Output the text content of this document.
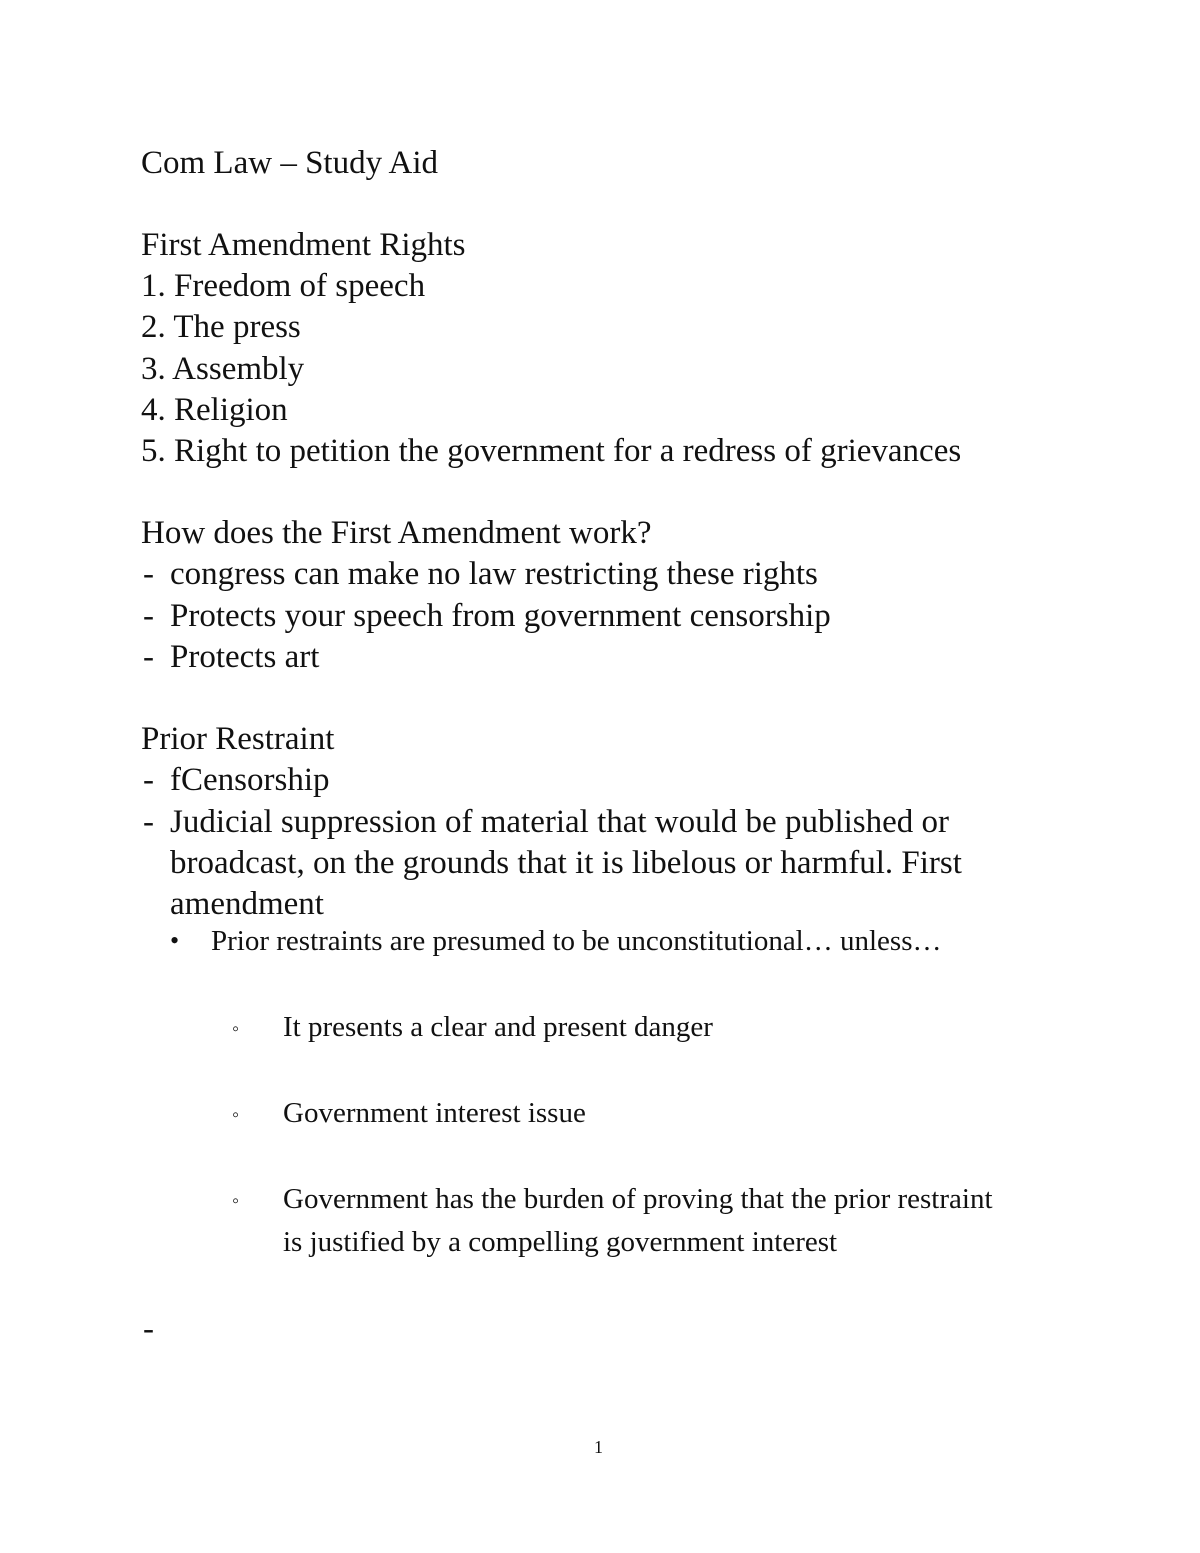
Com Law – Study Aid
First Amendment Rights
1. Freedom of speech
2. The press
3. Assembly
4. Religion
5. Right to petition the government for a redress of grievances
How does the First Amendment work?
- congress can make no law restricting these rights
- Protects your speech from government censorship
- Protects art
Prior Restraint
- fCensorship
- Judicial suppression of material that would be published or
broadcast, on the grounds that it is libelous or harmful. First
amendment
• Prior restraints are presumed to be unconstitutional… unless…
◦ It presents a clear and present danger
◦ Government interest issue
◦ Government has the burden of proving that the prior restraint
is justified by a compelling government interest
-
1
